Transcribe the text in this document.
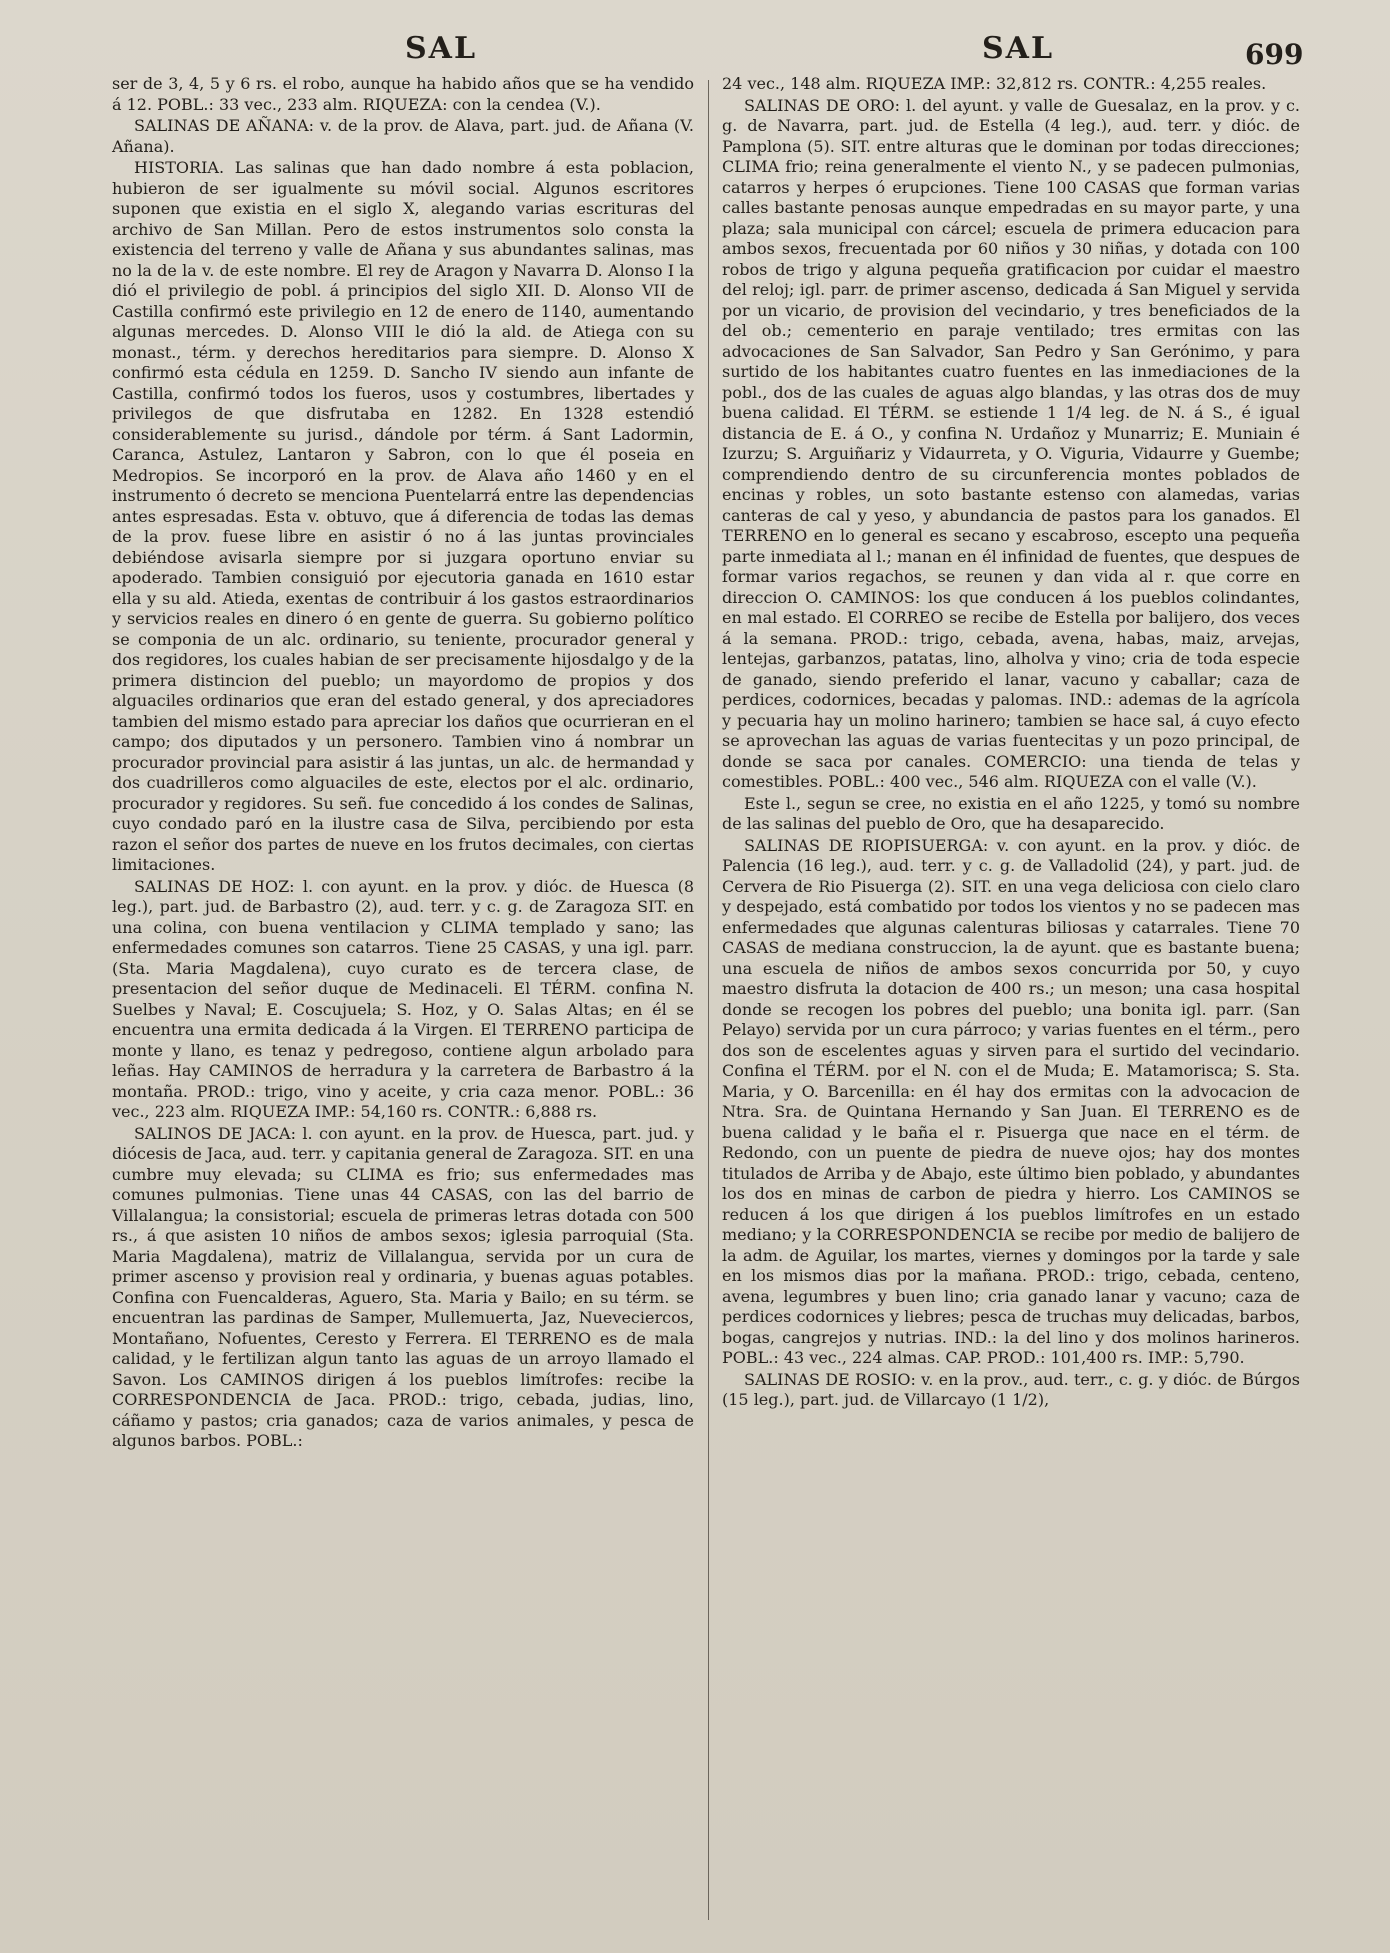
SAL	SAL	699

ser de 3, 4, 5 y 6 rs. el robo, aunque ha habido años que se ha vendido á 12. POBL.: 33 vec., 233 alm. RIQUEZA: con la cendea (V.).

SALINAS DE AÑANA: v. de la prov. de Alava, part. jud. de Añana (V. Añana).

HISTORIA. Las salinas que han dado nombre á esta poblacion, hubieron de ser igualmente su móvil social. Algunos escritores suponen que existia en el siglo X, alegando varias escrituras del archivo de San Millan. Pero de estos instrumentos solo consta la existencia del terreno y valle de Añana y sus abundantes salinas, mas no la de la v. de este nombre. El rey de Aragon y Navarra D. Alonso I la dió el privilegio de pobl. á principios del siglo XII. D. Alonso VII de Castilla confirmó este privilegio en 12 de enero de 1140, aumentando algunas mercedes. D. Alonso VIII le dió la ald. de Atiega con su monast., térm. y derechos hereditarios para siempre. D. Alonso X confirmó esta cédula en 1259. D. Sancho IV siendo aun infante de Castilla, confirmó todos los fueros, usos y costumbres, libertades y privilegos de que disfrutaba en 1282. En 1328 estendió considerablemente su jurisd., dándole por térm. á Sant Ladormin, Caranca, Astulez, Lantaron y Sabron, con lo que él poseia en Medropios. Se incorporó en la prov. de Alava año 1460 y en el instrumento ó decreto se menciona Puentelarrá entre las dependencias antes espresadas. Esta v. obtuvo, que á diferencia de todas las demas de la prov. fuese libre en asistir ó no á las juntas provinciales debiéndose avisarla siempre por si juzgara oportuno enviar su apoderado. Tambien consiguió por ejecutoria ganada en 1610 estar ella y su ald. Atieda, exentas de contribuir á los gastos estraordinarios y servicios reales en dinero ó en gente de guerra. Su gobierno político se componia de un alc. ordinario, su teniente, procurador general y dos regidores, los cuales habian de ser precisamente hijosdalgo y de la primera distincion del pueblo; un mayordomo de propios y dos alguaciles ordinarios que eran del estado general, y dos apreciadores tambien del mismo estado para apreciar los daños que ocurrieran en el campo; dos diputados y un personero. Tambien vino á nombrar un procurador provincial para asistir á las juntas, un alc. de hermandad y dos cuadrilleros como alguaciles de este, electos por el alc. ordinario, procurador y regidores. Su señ. fue concedido á los condes de Salinas, cuyo condado paró en la ilustre casa de Silva, percibiendo por esta razon el señor dos partes de nueve en los frutos decimales, con ciertas limitaciones.

SALINAS DE HOZ: l. con ayunt. en la prov. y dióc. de Huesca (8 leg.), part. jud. de Barbastro (2), aud. terr. y c. g. de Zaragoza SIT. en una colina, con buena ventilacion y CLIMA templado y sano; las enfermedades comunes son catarros. Tiene 25 CASAS, y una igl. parr. (Sta. Maria Magdalena), cuyo curato es de tercera clase, de presentacion del señor duque de Medinaceli. El TÉRM. confina N. Suelbes y Naval; E. Coscujuela; S. Hoz, y O. Salas Altas; en él se encuentra una ermita dedicada á la Virgen. El TERRENO participa de monte y llano, es tenaz y pedregoso, contiene algun arbolado para leñas. Hay CAMINOS de herradura y la carretera de Barbastro á la montaña. PROD.: trigo, vino y aceite, y cria caza menor. POBL.: 36 vec., 223 alm. RIQUEZA IMP.: 54,160 rs. CONTR.: 6,888 rs.

SALINOS DE JACA: l. con ayunt. en la prov. de Huesca, part. jud. y diócesis de Jaca, aud. terr. y capitania general de Zaragoza. SIT. en una cumbre muy elevada; su CLIMA es frio; sus enfermedades mas comunes pulmonias. Tiene unas 44 CASAS, con las del barrio de Villalangua; la consistorial; escuela de primeras letras dotada con 500 rs., á que asisten 10 niños de ambos sexos; iglesia parroquial (Sta. Maria Magdalena), matriz de Villalangua, servida por un cura de primer ascenso y provision real y ordinaria, y buenas aguas potables. Confina con Fuencalderas, Aguero, Sta. Maria y Bailo; en su térm. se encuentran las pardinas de Samper, Mullemuerta, Jaz, Nueveciercos, Montañano, Nofuentes, Ceresto y Ferrera. El TERRENO es de mala calidad, y le fertilizan algun tanto las aguas de un arroyo llamado el Savon. Los CAMINOS dirigen á los pueblos limítrofes: recibe la CORRESPONDENCIA de Jaca. PROD.: trigo, cebada, judias, lino, cáñamo y pastos; cria ganados; caza de varios animales, y pesca de algunos barbos. POBL.:

24 vec., 148 alm. RIQUEZA IMP.: 32,812 rs. CONTR.: 4,255 reales.

SALINAS DE ORO: l. del ayunt. y valle de Guesalaz, en la prov. y c. g. de Navarra, part. jud. de Estella (4 leg.), aud. terr. y dióc. de Pamplona (5). SIT. entre alturas que le dominan por todas direcciones; CLIMA frio; reina generalmente el viento N., y se padecen pulmonias, catarros y herpes ó erupciones. Tiene 100 CASAS que forman varias calles bastante penosas aunque empedradas en su mayor parte, y una plaza; sala municipal con cárcel; escuela de primera educacion para ambos sexos, frecuentada por 60 niños y 30 niñas, y dotada con 100 robos de trigo y alguna pequeña gratificacion por cuidar el maestro del reloj; igl. parr. de primer ascenso, dedicada á San Miguel y servida por un vicario, de provision del vecindario, y tres beneficiados de la del ob.; cementerio en paraje ventilado; tres ermitas con las advocaciones de San Salvador, San Pedro y San Gerónimo, y para surtido de los habitantes cuatro fuentes en las inmediaciones de la pobl., dos de las cuales de aguas algo blandas, y las otras dos de muy buena calidad. El TÉRM. se estiende 1 1/4 leg. de N. á S., é igual distancia de E. á O., y confina N. Urdañoz y Munarriz; E. Muniain é Izurzu; S. Arguiñariz y Vidaurreta, y O. Viguria, Vidaurre y Guembe; comprendiendo dentro de su circunferencia montes poblados de encinas y robles, un soto bastante estenso con alamedas, varias canteras de cal y yeso, y abundancia de pastos para los ganados. El TERRENO en lo general es secano y escabroso, escepto una pequeña parte inmediata al l.; manan en él infinidad de fuentes, que despues de formar varios regachos, se reunen y dan vida al r. que corre en direccion O. CAMINOS: los que conducen á los pueblos colindantes, en mal estado. El CORREO se recibe de Estella por balijero, dos veces á la semana. PROD.: trigo, cebada, avena, habas, maiz, arvejas, lentejas, garbanzos, patatas, lino, alholva y vino; cria de toda especie de ganado, siendo preferido el lanar, vacuno y caballar; caza de perdices, codornices, becadas y palomas. IND.: ademas de la agrícola y pecuaria hay un molino harinero; tambien se hace sal, á cuyo efecto se aprovechan las aguas de varias fuentecitas y un pozo principal, de donde se saca por canales. COMERCIO: una tienda de telas y comestibles. POBL.: 400 vec., 546 alm. RIQUEZA con el valle (V.).

Este l., segun se cree, no existia en el año 1225, y tomó su nombre de las salinas del pueblo de Oro, que ha desaparecido.

SALINAS DE RIOPISUERGA: v. con ayunt. en la prov. y dióc. de Palencia (16 leg.), aud. terr. y c. g. de Valladolid (24), y part. jud. de Cervera de Rio Pisuerga (2). SIT. en una vega deliciosa con cielo claro y despejado, está combatido por todos los vientos y no se padecen mas enfermedades que algunas calenturas biliosas y catarrales. Tiene 70 CASAS de mediana construccion, la de ayunt. que es bastante buena; una escuela de niños de ambos sexos concurrida por 50, y cuyo maestro disfruta la dotacion de 400 rs.; un meson; una casa hospital donde se recogen los pobres del pueblo; una bonita igl. parr. (San Pelayo) servida por un cura párroco; y varias fuentes en el térm., pero dos son de escelentes aguas y sirven para el surtido del vecindario. Confina el TÉRM. por el N. con el de Muda; E. Matamorisca; S. Sta. Maria, y O. Barcenilla: en él hay dos ermitas con la advocacion de Ntra. Sra. de Quintana Hernando y San Juan. El TERRENO es de buena calidad y le baña el r. Pisuerga que nace en el térm. de Redondo, con un puente de piedra de nueve ojos; hay dos montes titulados de Arriba y de Abajo, este último bien poblado, y abundantes los dos en minas de carbon de piedra y hierro. Los CAMINOS se reducen á los que dirigen á los pueblos limítrofes en un estado mediano; y la CORRESPONDENCIA se recibe por medio de balijero de la adm. de Aguilar, los martes, viernes y domingos por la tarde y sale en los mismos dias por la mañana. PROD.: trigo, cebada, centeno, avena, legumbres y buen lino; cria ganado lanar y vacuno; caza de perdices codornices y liebres; pesca de truchas muy delicadas, barbos, bogas, cangrejos y nutrias. IND.: la del lino y dos molinos harineros. POBL.: 43 vec., 224 almas. CAP. PROD.: 101,400 rs. IMP.: 5,790.

SALINAS DE ROSIO: v. en la prov., aud. terr., c. g. y dióc. de Búrgos (15 leg.), part. jud. de Villarcayo (1 1/2),
